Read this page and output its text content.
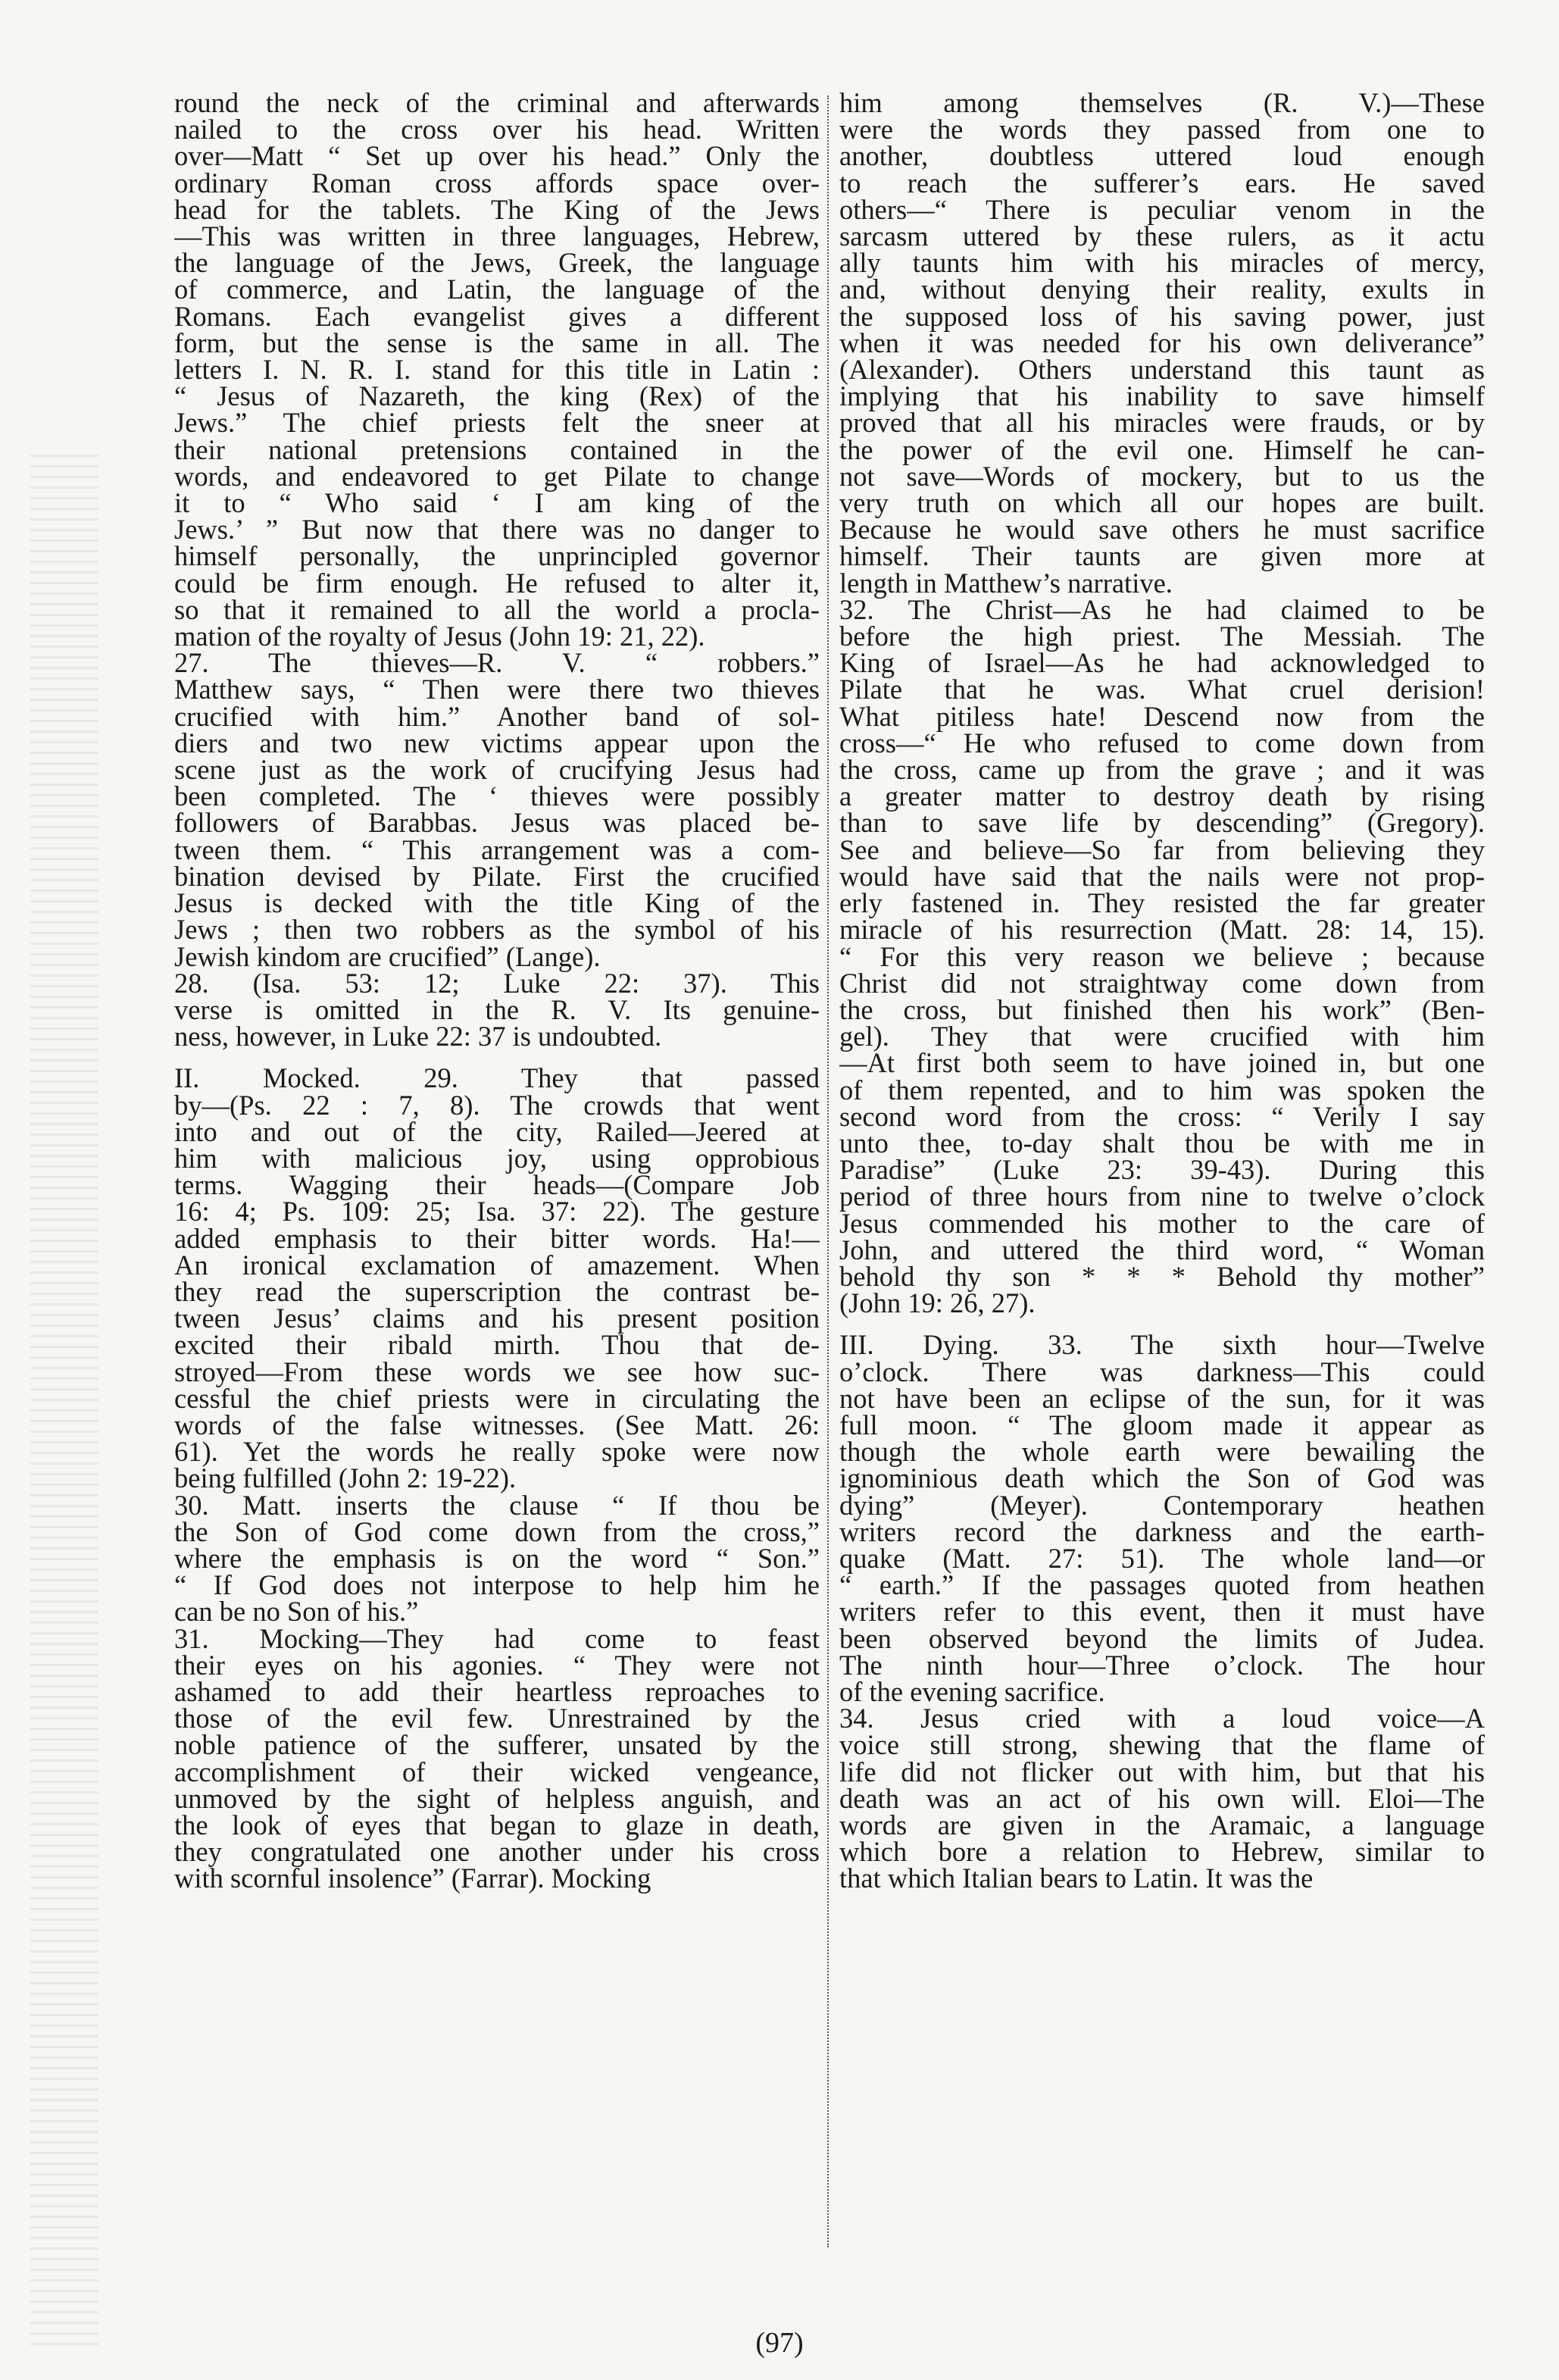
round the neck of the criminal and afterwards
nailed to the cross over his head. Written
over—Matt “ Set up over his head.” Only the
ordinary Roman cross affords space over-
head for the tablets. The King of the Jews
—This was written in three languages, Hebrew,
the language of the Jews, Greek, the language
of commerce, and Latin, the language of the
Romans. Each evangelist gives a different
form, but the sense is the same in all. The
letters I. N. R. I. stand for this title in Latin :
“ Jesus of Nazareth, the king (Rex) of the
Jews.” The chief priests felt the sneer at
their national pretensions contained in the
words, and endeavored to get Pilate to change
it to “ Who said ‘ I am king of the
Jews.’ ” But now that there was no danger to
himself personally, the unprincipled governor
could be firm enough. He refused to alter it,
so that it remained to all the world a procla-
mation of the royalty of Jesus (John 19: 21, 22).
27. The thieves—R. V. “ robbers.”
Matthew says, “ Then were there two thieves
crucified with him.” Another band of sol-
diers and two new victims appear upon the
scene just as the work of crucifying Jesus had
been completed. The ‘ thieves were possibly
followers of Barabbas. Jesus was placed be-
tween them. “ This arrangement was a com-
bination devised by Pilate. First the crucified
Jesus is decked with the title King of the
Jews ; then two robbers as the symbol of his
Jewish kindom are crucified” (Lange).
28. (Isa. 53: 12; Luke 22: 37). This
verse is omitted in the R. V. Its genuine-
ness, however, in Luke 22: 37 is undoubted.
II. Mocked. 29. They that passed
by—(Ps. 22 : 7, 8). The crowds that went
into and out of the city, Railed—Jeered at
him with malicious joy, using opprobious
terms. Wagging their heads—(Compare Job
16: 4; Ps. 109: 25; Isa. 37: 22). The gesture
added emphasis to their bitter words. Ha!—
An ironical exclamation of amazement. When
they read the superscription the contrast be-
tween Jesus’ claims and his present position
excited their ribald mirth. Thou that de-
stroyed—From these words we see how suc-
cessful the chief priests were in circulating the
words of the false witnesses. (See Matt. 26:
61). Yet the words he really spoke were now
being fulfilled (John 2: 19-22).
30. Matt. inserts the clause “ If thou be
the Son of God come down from the cross,”
where the emphasis is on the word “ Son.”
“ If God does not interpose to help him he
can be no Son of his.”
31. Mocking—They had come to feast
their eyes on his agonies. “ They were not
ashamed to add their heartless reproaches to
those of the evil few. Unrestrained by the
noble patience of the sufferer, unsated by the
accomplishment of their wicked vengeance,
unmoved by the sight of helpless anguish, and
the look of eyes that began to glaze in death,
they congratulated one another under his cross
with scornful insolence” (Farrar). Mocking
him among themselves (R. V.)—These
were the words they passed from one to
another, doubtless uttered loud enough
to reach the sufferer’s ears. He saved
others—“ There is peculiar venom in the
sarcasm uttered by these rulers, as it actu
ally taunts him with his miracles of mercy,
and, without denying their reality, exults in
the supposed loss of his saving power, just
when it was needed for his own deliverance”
(Alexander). Others understand this taunt as
implying that his inability to save himself
proved that all his miracles were frauds, or by
the power of the evil one. Himself he can-
not save—Words of mockery, but to us the
very truth on which all our hopes are built.
Because he would save others he must sacrifice
himself. Their taunts are given more at
length in Matthew’s narrative.
32. The Christ—As he had claimed to be
before the high priest. The Messiah. The
King of Israel—As he had acknowledged to
Pilate that he was. What cruel derision!
What pitiless hate! Descend now from the
cross—“ He who refused to come down from
the cross, came up from the grave ; and it was
a greater matter to destroy death by rising
than to save life by descending” (Gregory).
See and believe—So far from believing they
would have said that the nails were not prop-
erly fastened in. They resisted the far greater
miracle of his resurrection (Matt. 28: 14, 15).
“ For this very reason we believe ; because
Christ did not straightway come down from
the cross, but finished then his work” (Ben-
gel). They that were crucified with him
—At first both seem to have joined in, but one
of them repented, and to him was spoken the
second word from the cross: “ Verily I say
unto thee, to-day shalt thou be with me in
Paradise” (Luke 23: 39-43). During this
period of three hours from nine to twelve o’clock
Jesus commended his mother to the care of
John, and uttered the third word, “ Woman
behold thy son * * * Behold thy mother”
(John 19: 26, 27).
III. Dying. 33. The sixth hour—Twelve
o’clock. There was darkness—This could
not have been an eclipse of the sun, for it was
full moon. “ The gloom made it appear as
though the whole earth were bewailing the
ignominious death which the Son of God was
dying” (Meyer). Contemporary heathen
writers record the darkness and the earth-
quake (Matt. 27: 51). The whole land—or
“ earth.” If the passages quoted from heathen
writers refer to this event, then it must have
been observed beyond the limits of Judea.
The ninth hour—Three o’clock. The hour
of the evening sacrifice.
34. Jesus cried with a loud voice—A
voice still strong, shewing that the flame of
life did not flicker out with him, but that his
death was an act of his own will. Eloi—The
words are given in the Aramaic, a language
which bore a relation to Hebrew, similar to
that which Italian bears to Latin. It was the
(97)
